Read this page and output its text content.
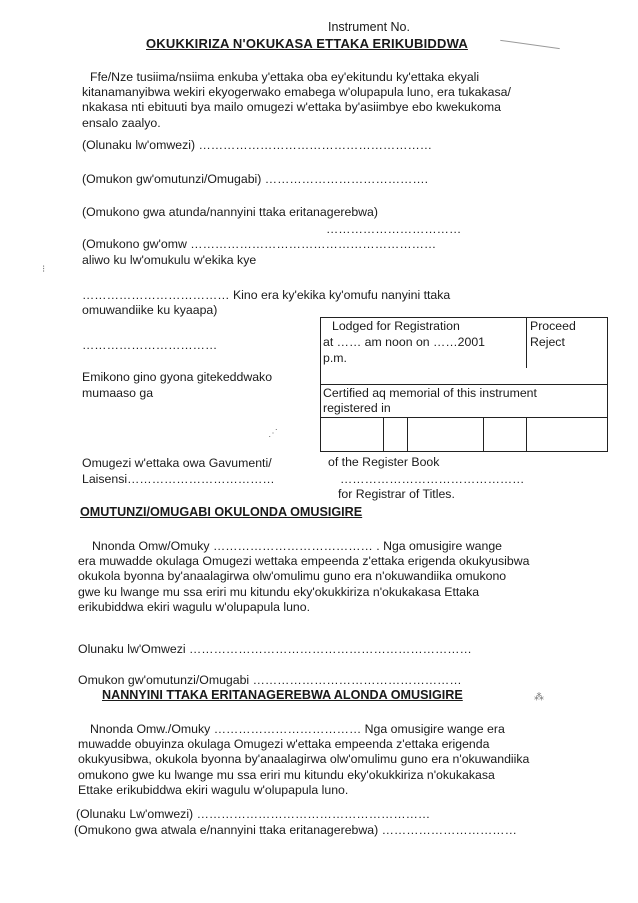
Instrument No.
OKUKKIRIZA N'OKUKASA ETTAKA ERIKUBIDDWA
Ffe/Nze tusiima/nsiima enkuba y'ettaka oba ey'ekitundu ky'ettaka ekyali
kitanamanyibwa wekiri ekyogerwako emabega w'olupapula luno, era tukakasa/
nkakasa nti ebituuti bya mailo omugezi w'ettaka by'asiimbye ebo kwekukoma
ensalo zaalyo.
(Olunaku lw'omwezi) …………………………………………………
(Omukon gw'omutunzi/Omugabi) ………………………………….
(Omukono gwa atunda/nannyini ttaka eritanagerebwa)
……………………………
(Omukono gw'omw ……………………………………………………
aliwo ku lw'omukulu w'ekika kye
……………………………… Kino era ky'ekika ky'omufu nanyini ttaka
omuwandiike ku kyaapa)
……………………………
Emikono gino gyona gitekeddwako
mumaaso ga
Omugezi w'ettaka owa Gavumenti/
Laisensi………………………………
Lodged for Registration
at …… am noon on ……2001
p.m.
Proceed
Reject
Certified aq memorial of this instrument
registered in
of the Register Book
………………………………………
for Registrar of Titles.
OMUTUNZI/OMUGABI OKULONDA OMUSIGIRE
Nnonda Omw/Omuky ………………………………… . Nga omusigire wange
era muwadde okulaga Omugezi wettaka empeenda z'ettaka erigenda okukyusibwa
okukola byonna by'anaalagirwa olw'omulimu guno era n'okuwandiika omukono
gwe ku lwange mu ssa eriri mu kitundu eky'okukkiriza n'okukakasa Ettaka
erikubiddwa ekiri wagulu w'olupapula luno.
Olunaku lw'Omwezi ……………………………………………………………
Omukon gw'omutunzi/Omugabi ……………………………………………
NANNYINI TTAKA ERITANAGEREBWA ALONDA OMUSIGIRE
Nnonda Omw./Omuky ……………………………… Nga omusigire wange era
muwadde obuyinza okulaga Omugezi w'ettaka empeenda z'ettaka erigenda
okukyusibwa, okukola byonna by'anaalagirwa olw'omulimu guno era n'okuwandiika
omukono gwe ku lwange mu ssa eriri mu kitundu eky'okukkiriza n'okukakasa
Ettake erikubiddwa ekiri wagulu w'olupapula luno.
(Olunaku Lw'omwezi) …………………………………………………
(Omukono gwa atwala e/nannyini ttaka eritanagerebwa) ……………………………
⁝
⋰
⁂
